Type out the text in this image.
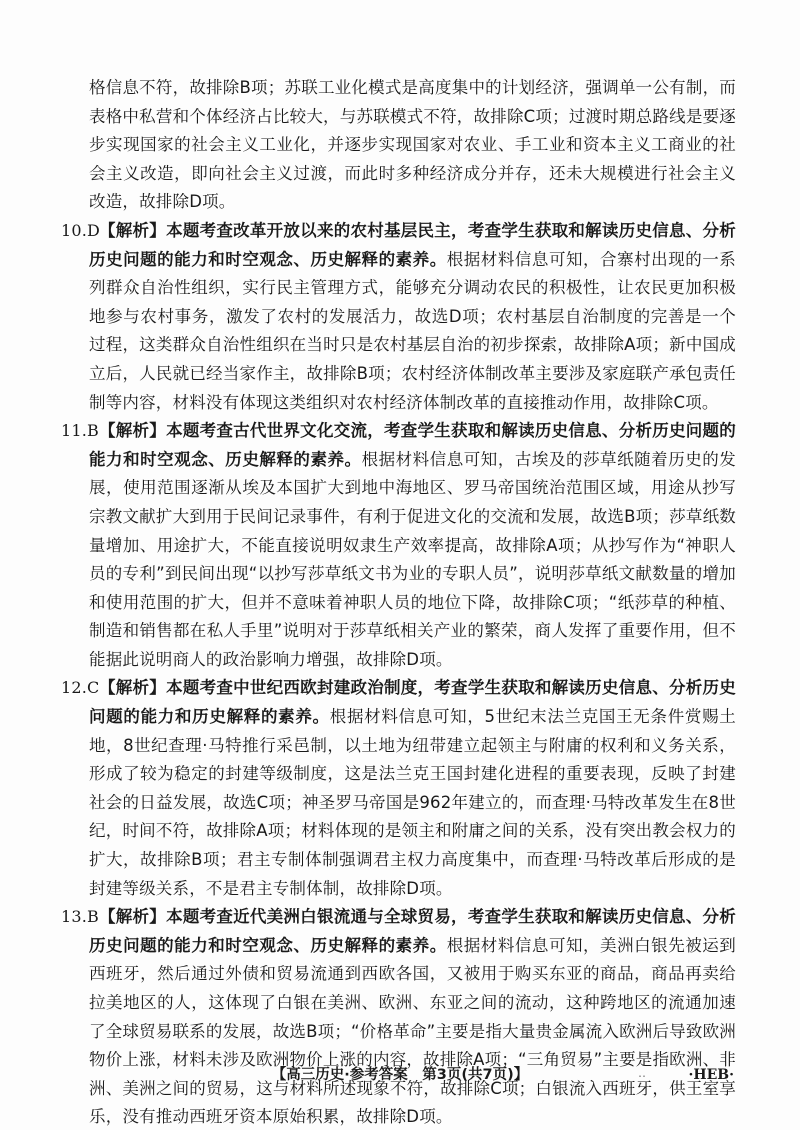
格信息不符，故排除B项；苏联工业化模式是高度集中的计划经济，强调单一公有制，而表格中私营和个体经济占比较大，与苏联模式不符，故排除C项；过渡时期总路线是要逐步实现国家的社会主义工业化，并逐步实现国家对农业、手工业和资本主义工商业的社会主义改造，即向社会主义过渡，而此时多种经济成分并存，还未大规模进行社会主义改造，故排除D项。

10.D
【解析】本题考查改革开放以来的农村基层民主，考查学生获取和解读历史信息、分析历史问题的能力和时空观念、历史解释的素养。根据材料信息可知，合寨村出现的一系列群众自治性组织，实行民主管理方式，能够充分调动农民的积极性，让农民更加积极地参与农村事务，激发了农村的发展活力，故选D项；农村基层自治制度的完善是一个过程，这类群众自治性组织在当时只是农村基层自治的初步探索，故排除A项；新中国成立后，人民就已经当家作主，故排除B项；农村经济体制改革主要涉及家庭联产承包责任制等内容，材料没有体现这类组织对农村经济体制改革的直接推动作用，故排除C项。
11.B 【解析】本题考查古代世界文化交流，考查学生获取和解读历史信息、分析历史问题的能力和时空观念、历史解释的素养。根据材料信息可知，古埃及的莎草纸随着历史的发展，使用范围逐渐从埃及本国扩大到地中海地区、罗马帝国统治范围区域，用途从抄写宗教文献扩大到用于民间记录事件，有利于促进文化的交流和发展，故选B项；莎草纸数量增加、用途扩大，不能直接说明奴隶生产效率提高，故排除A项；从抄写作为“神职人员的专利”到民间出现“以抄写莎草纸文书为业的专职人员”，说明莎草纸文献数量的增加和使用范围的扩大，但并不意味着神职人员的地位下降，故排除C项；“纸莎草的种植、制造和销售都在私人手里”说明对于莎草纸相关产业的繁荣，商人发挥了重要作用，但不能据此说明商人的政治影响力增强，故排除D项。
12.C 【解析】本题考查中世纪西欧封建政治制度，考查学生获取和解读历史信息、分析历史问题的能力和历史解释的素养。根据材料信息可知，5世纪末法兰克国王无条件赏赐土地，8世纪查理·马特推行采邑制，以土地为纽带建立起领主与附庸的权利和义务关系，形成了较为稳定的封建等级制度，这是法兰克王国封建化进程的重要表现，反映了封建社会的日益发展，故选C项；神圣罗马帝国是962年建立的，而查理·马特改革发生在8世纪，时间不符，故排除A项；材料体现的是领主和附庸之间的关系，没有突出教会权力的扩大，故排除B项；君主专制体制强调君主权力高度集中，而查理·马特改革后形成的是封建等级关系，不是君主专制体制，故排除D项。
13.B 【解析】本题考查近代美洲白银流通与全球贸易，考查学生获取和解读历史信息、分析历史问题的能力和时空观念、历史解释的素养。根据材料信息可知，美洲白银先被运到西班牙，然后通过外债和贸易流通到西欧各国，又被用于购买东亚的商品，商品再卖给拉美地区的人，这体现了白银在美洲、欧洲、东亚之间的流动，这种跨地区的流通加速了全球贸易联系的发展，故选B项；“价格革命”主要是指大量贵金属流入欧洲后导致欧洲物价上涨，材料未涉及欧洲物价上涨的内容，故排除A项；“三角贸易”主要是指欧洲、非洲、美洲之间的贸易，这与材料所述现象不符，故排除C项；白银流入西班牙，供王室享乐，没有推动西班牙资本原始积累，故排除D项。
【高三历史·参考答案　第3页(共7页)】	‥	·HEB·
